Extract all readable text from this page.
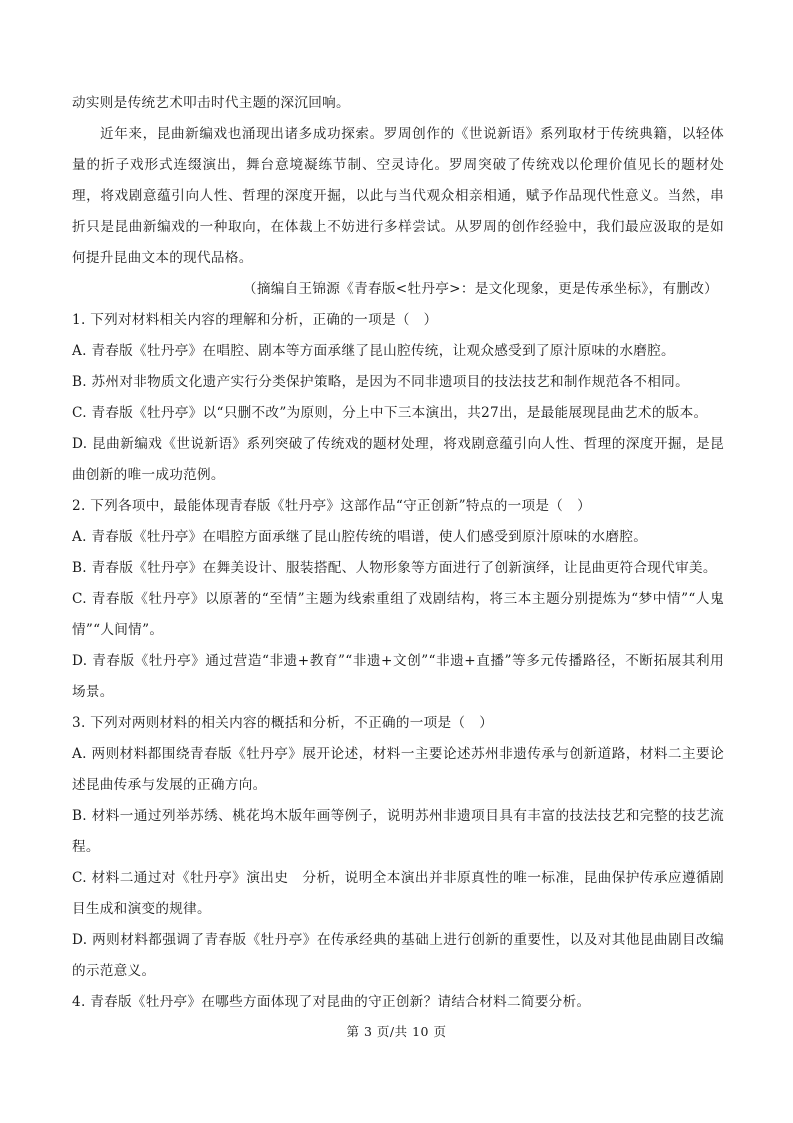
动实则是传统艺术叩击时代主题的深沉回响。

近年来，昆曲新编戏也涌现出诸多成功探索。罗周创作的《世说新语》系列取材于传统典籍，以轻体量的折子戏形式连缀演出，舞台意境凝练节制、空灵诗化。罗周突破了传统戏以伦理价值见长的题材处理，将戏剧意蕴引向人性、哲理的深度开掘，以此与当代观众相亲相通，赋予作品现代性意义。当然，串折只是昆曲新编戏的一种取向，在体裁上不妨进行多样尝试。从罗周的创作经验中，我们最应汲取的是如何提升昆曲文本的现代品格。

（摘编自王锦源《青春版<牡丹亭>：是文化现象，更是传承坐标》，有删改）

1. 下列对材料相关内容的理解和分析，正确的一项是（　）

A. 青春版《牡丹亭》在唱腔、剧本等方面承继了昆山腔传统，让观众感受到了原汁原味的水磨腔。

B. 苏州对非物质文化遗产实行分类保护策略，是因为不同非遗项目的技法技艺和制作规范各不相同。

C. 青春版《牡丹亭》以“只删不改”为原则，分上中下三本演出，共27出，是最能展现昆曲艺术的版本。

D. 昆曲新编戏《世说新语》系列突破了传统戏的题材处理，将戏剧意蕴引向人性、哲理的深度开掘，是昆曲创新的唯一成功范例。

2. 下列各项中，最能体现青春版《牡丹亭》这部作品“守正创新”特点的一项是（　）

A. 青春版《牡丹亭》在唱腔方面承继了昆山腔传统的唱谱，使人们感受到原汁原味的水磨腔。

B. 青春版《牡丹亭》在舞美设计、服装搭配、人物形象等方面进行了创新演绎，让昆曲更符合现代审美。

C. 青春版《牡丹亭》以原著的“至情”主题为线索重组了戏剧结构，将三本主题分别提炼为“梦中情”“人鬼情”“人间情”。

D. 青春版《牡丹亭》通过营造“非遗+教育”“非遗+文创”“非遗+直播”等多元传播路径，不断拓展其利用场景。

3. 下列对两则材料的相关内容的概括和分析，不正确的一项是（　）

A. 两则材料都围绕青春版《牡丹亭》展开论述，材料一主要论述苏州非遗传承与创新道路，材料二主要论述昆曲传承与发展的正确方向。

B. 材料一通过列举苏绣、桃花坞木版年画等例子，说明苏州非遗项目具有丰富的技法技艺和完整的技艺流程。

C. 材料二通过对《牡丹亭》演出史　分析，说明全本演出并非原真性的唯一标准，昆曲保护传承应遵循剧目生成和演变的规律。

D. 两则材料都强调了青春版《牡丹亭》在传承经典的基础上进行创新的重要性，以及对其他昆曲剧目改编的示范意义。

4. 青春版《牡丹亭》在哪些方面体现了对昆曲的守正创新？请结合材料二简要分析。

第 3 页/共 10 页
